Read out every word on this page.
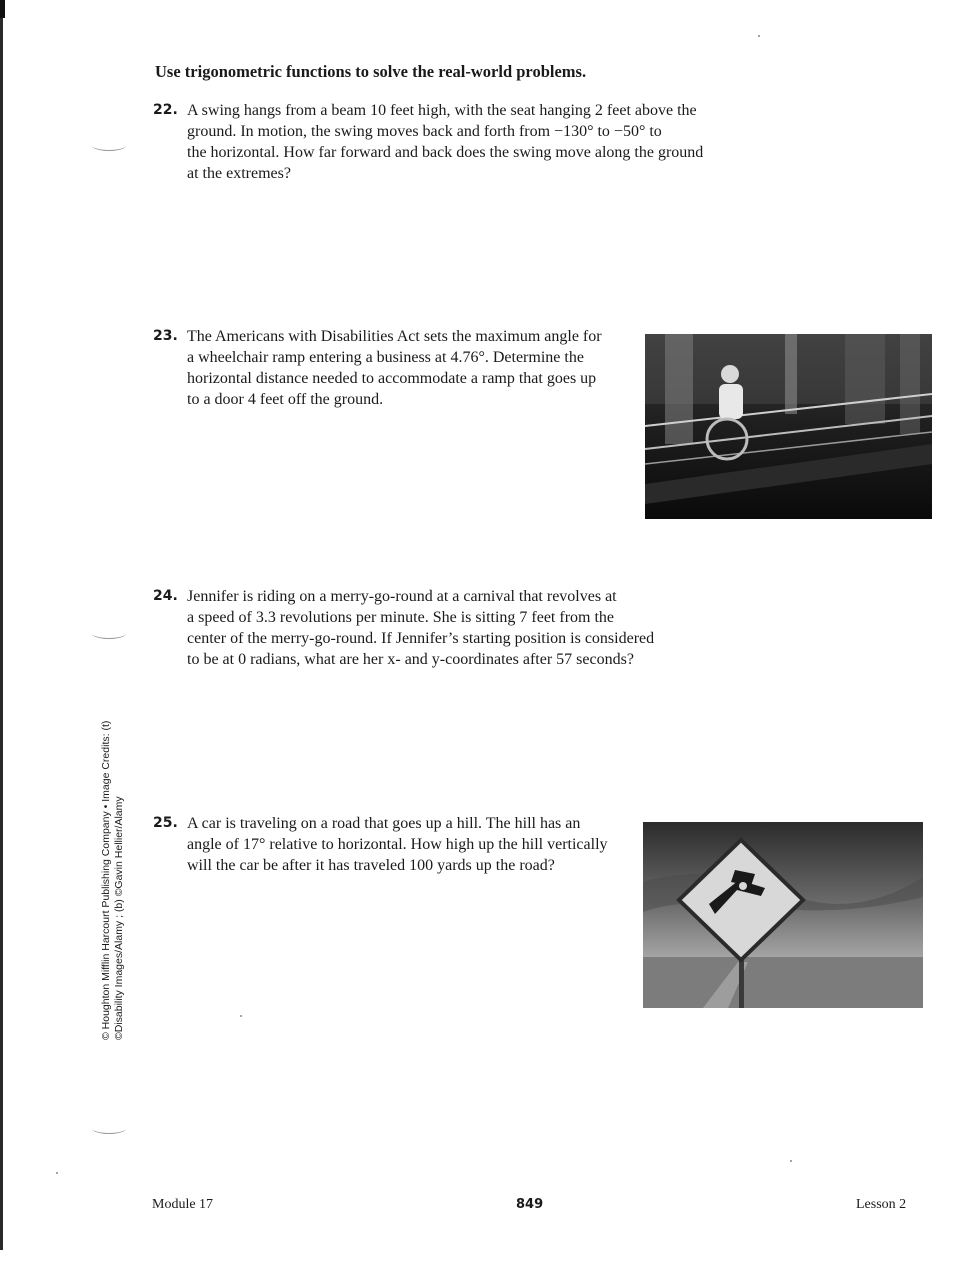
Use trigonometric functions to solve the real-world problems.
22. A swing hangs from a beam 10 feet high, with the seat hanging 2 feet above the
ground. In motion, the swing moves back and forth from −130° to −50° to
the horizontal. How far forward and back does the swing move along the ground
at the extremes?
23. The Americans with Disabilities Act sets the maximum angle for
a wheelchair ramp entering a business at 4.76°. Determine the
horizontal distance needed to accommodate a ramp that goes up
to a door 4 feet off the ground.
24. Jennifer is riding on a merry-go-round at a carnival that revolves at
a speed of 3.3 revolutions per minute. She is sitting 7 feet from the
center of the merry-go-round. If Jennifer’s starting position is considered
to be at 0 radians, what are her x- and y-coordinates after 57 seconds?
25. A car is traveling on a road that goes up a hill. The hill has an
angle of 17° relative to horizontal. How high up the hill vertically
will the car be after it has traveled 100 yards up the road?
© Houghton Mifflin Harcourt Publishing Company • Image Credits: (t) ©Disability Images/Alamy ; (b) ©Gavin Hellier/Alamy
Module 17	849	Lesson 2
